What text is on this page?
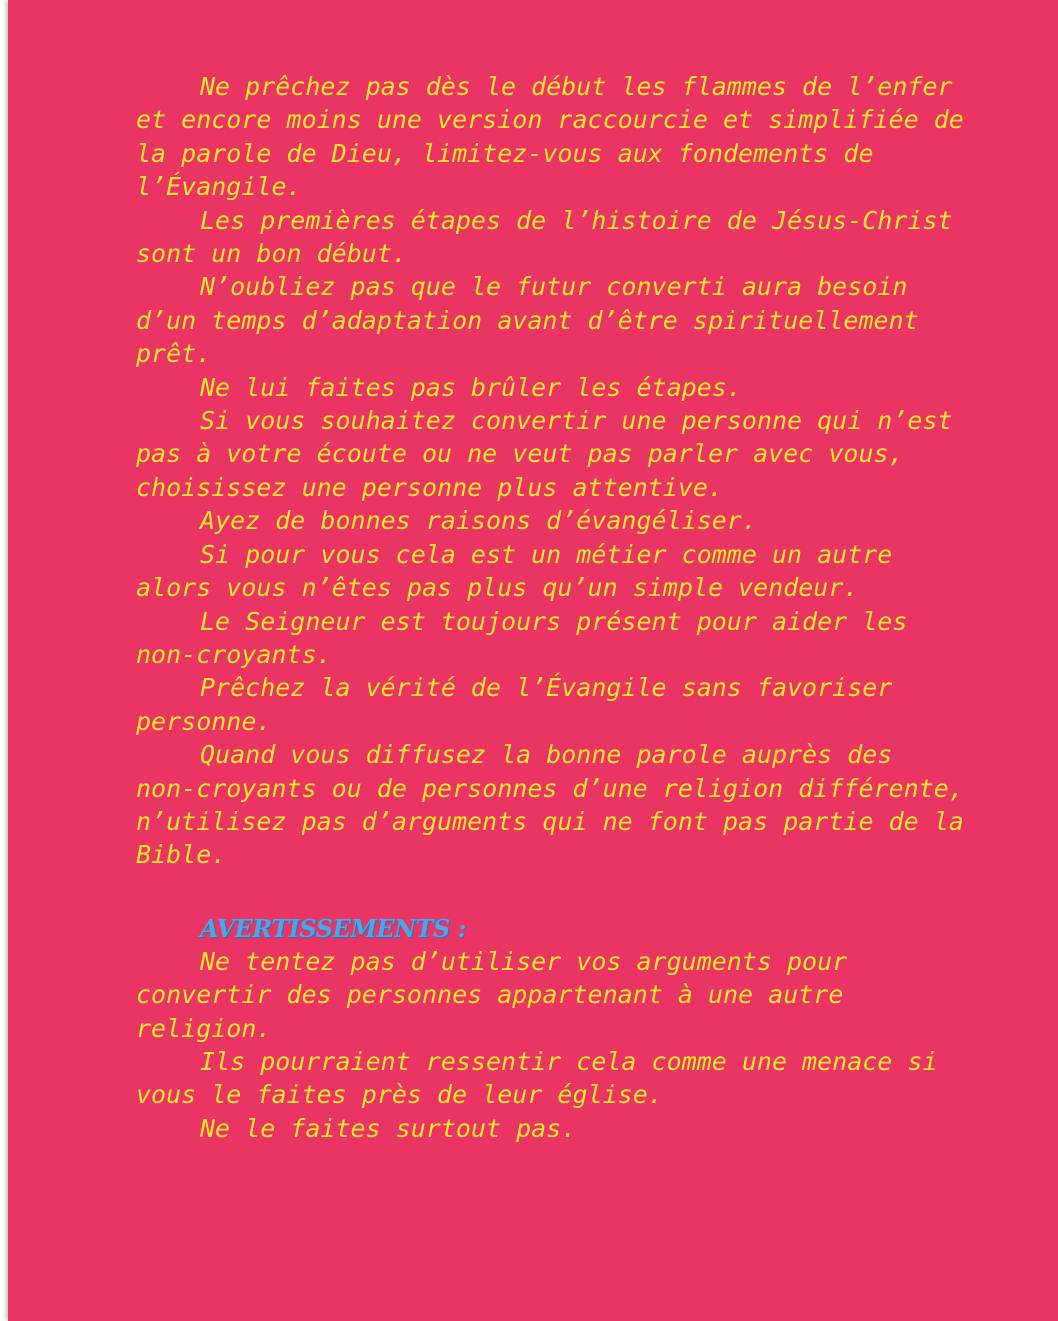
Ne prêchez pas dès le début les flammes de l’enfer et encore moins une version raccourcie et simplifiée de la parole de Dieu, limitez-vous aux fondements de l’Évangile.

Les premières étapes de l’histoire de Jésus-Christ sont un bon début.

N’oubliez pas que le futur converti aura besoin d’un temps d’adaptation avant d’être spirituellement prêt.

Ne lui faites pas brûler les étapes.

Si vous souhaitez convertir une personne qui n’est pas à votre écoute ou ne veut pas parler avec vous, choisissez une personne plus attentive.

Ayez de bonnes raisons d’évangéliser.

Si pour vous cela est un métier comme un autre alors vous n’êtes pas plus qu’un simple vendeur.

Le Seigneur est toujours présent pour aider les non-croyants.

Prêchez la vérité de l’Évangile sans favoriser personne.

Quand vous diffusez la bonne parole auprès des non-croyants ou de personnes d’une religion différente, n’utilisez pas d’arguments qui ne font pas partie de la Bible.

AVERTISSEMENTS :

Ne tentez pas d’utiliser vos arguments pour convertir des personnes appartenant à une autre religion.

Ils pourraient ressentir cela comme une menace si vous le faites près de leur église.

Ne le faites surtout pas.
